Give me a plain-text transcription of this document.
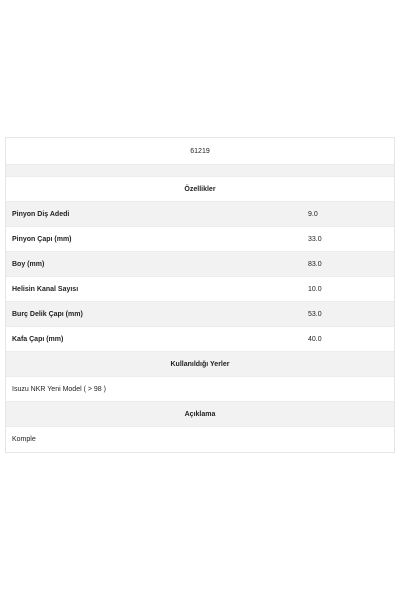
61219
Özellikler
Pinyon Diş Adedi	9.0
Pinyon Çapı (mm)	33.0
Boy (mm)	83.0
Helisin Kanal Sayısı	10.0
Burç Delik Çapı (mm)	53.0
Kafa Çapı (mm)	40.0
Kullanıldığı Yerler
Isuzu NKR Yeni Model ( > 98 )
Açıklama
Komple
